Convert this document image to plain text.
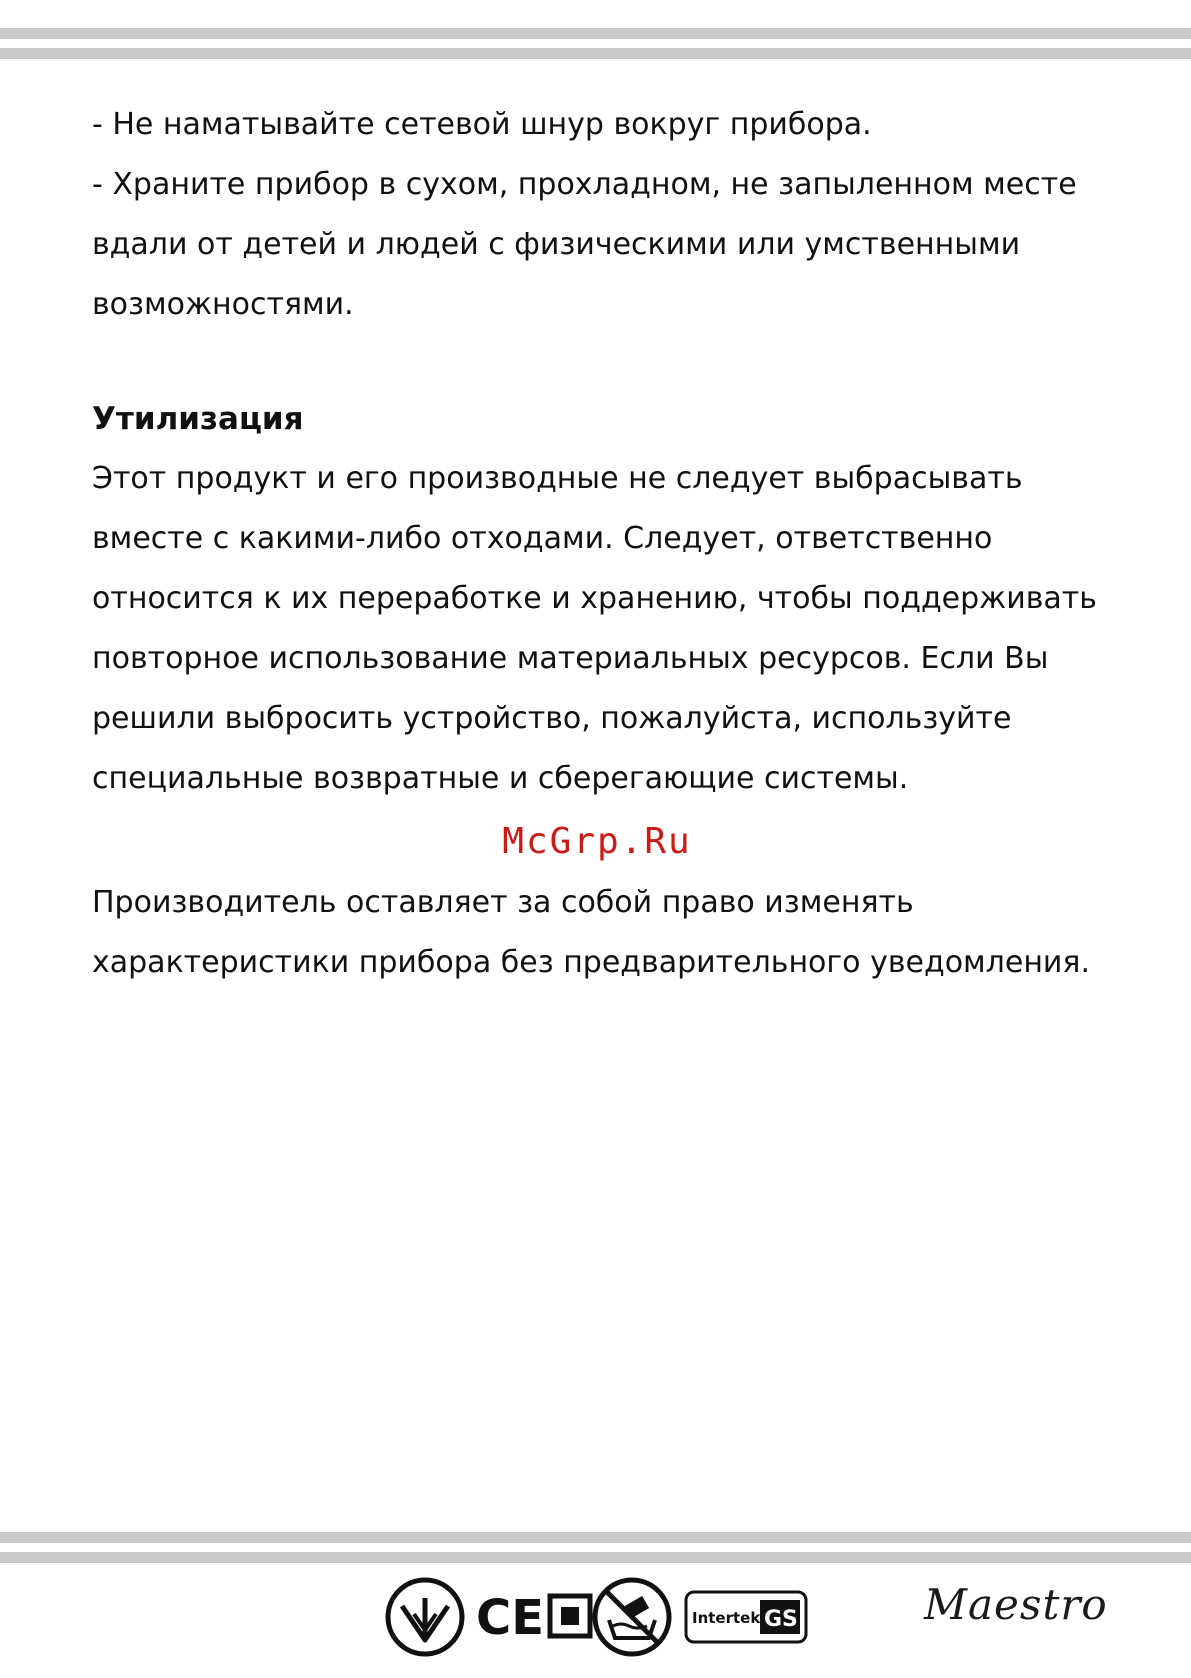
- Не наматывайте сетевой шнур вокруг прибора.

- Храните прибор в сухом, прохладном, не запыленном месте вдали от детей и людей с физическими или умственными возможностями.

Утилизация

Этот продукт и его производные не следует выбрасывать вместе с какими-либо отходами. Следует, ответственно относится к их переработке и хранению, чтобы поддерживать повторное использование материальных ресурсов. Если Вы решили выбросить устройство, пожалуйста, используйте специальные возвратные и сберегающие системы.

McGrp.Ru

Производитель оставляет за собой право изменять характеристики прибора без предварительного уведомления.

CE	Intertek GS	Maestro
